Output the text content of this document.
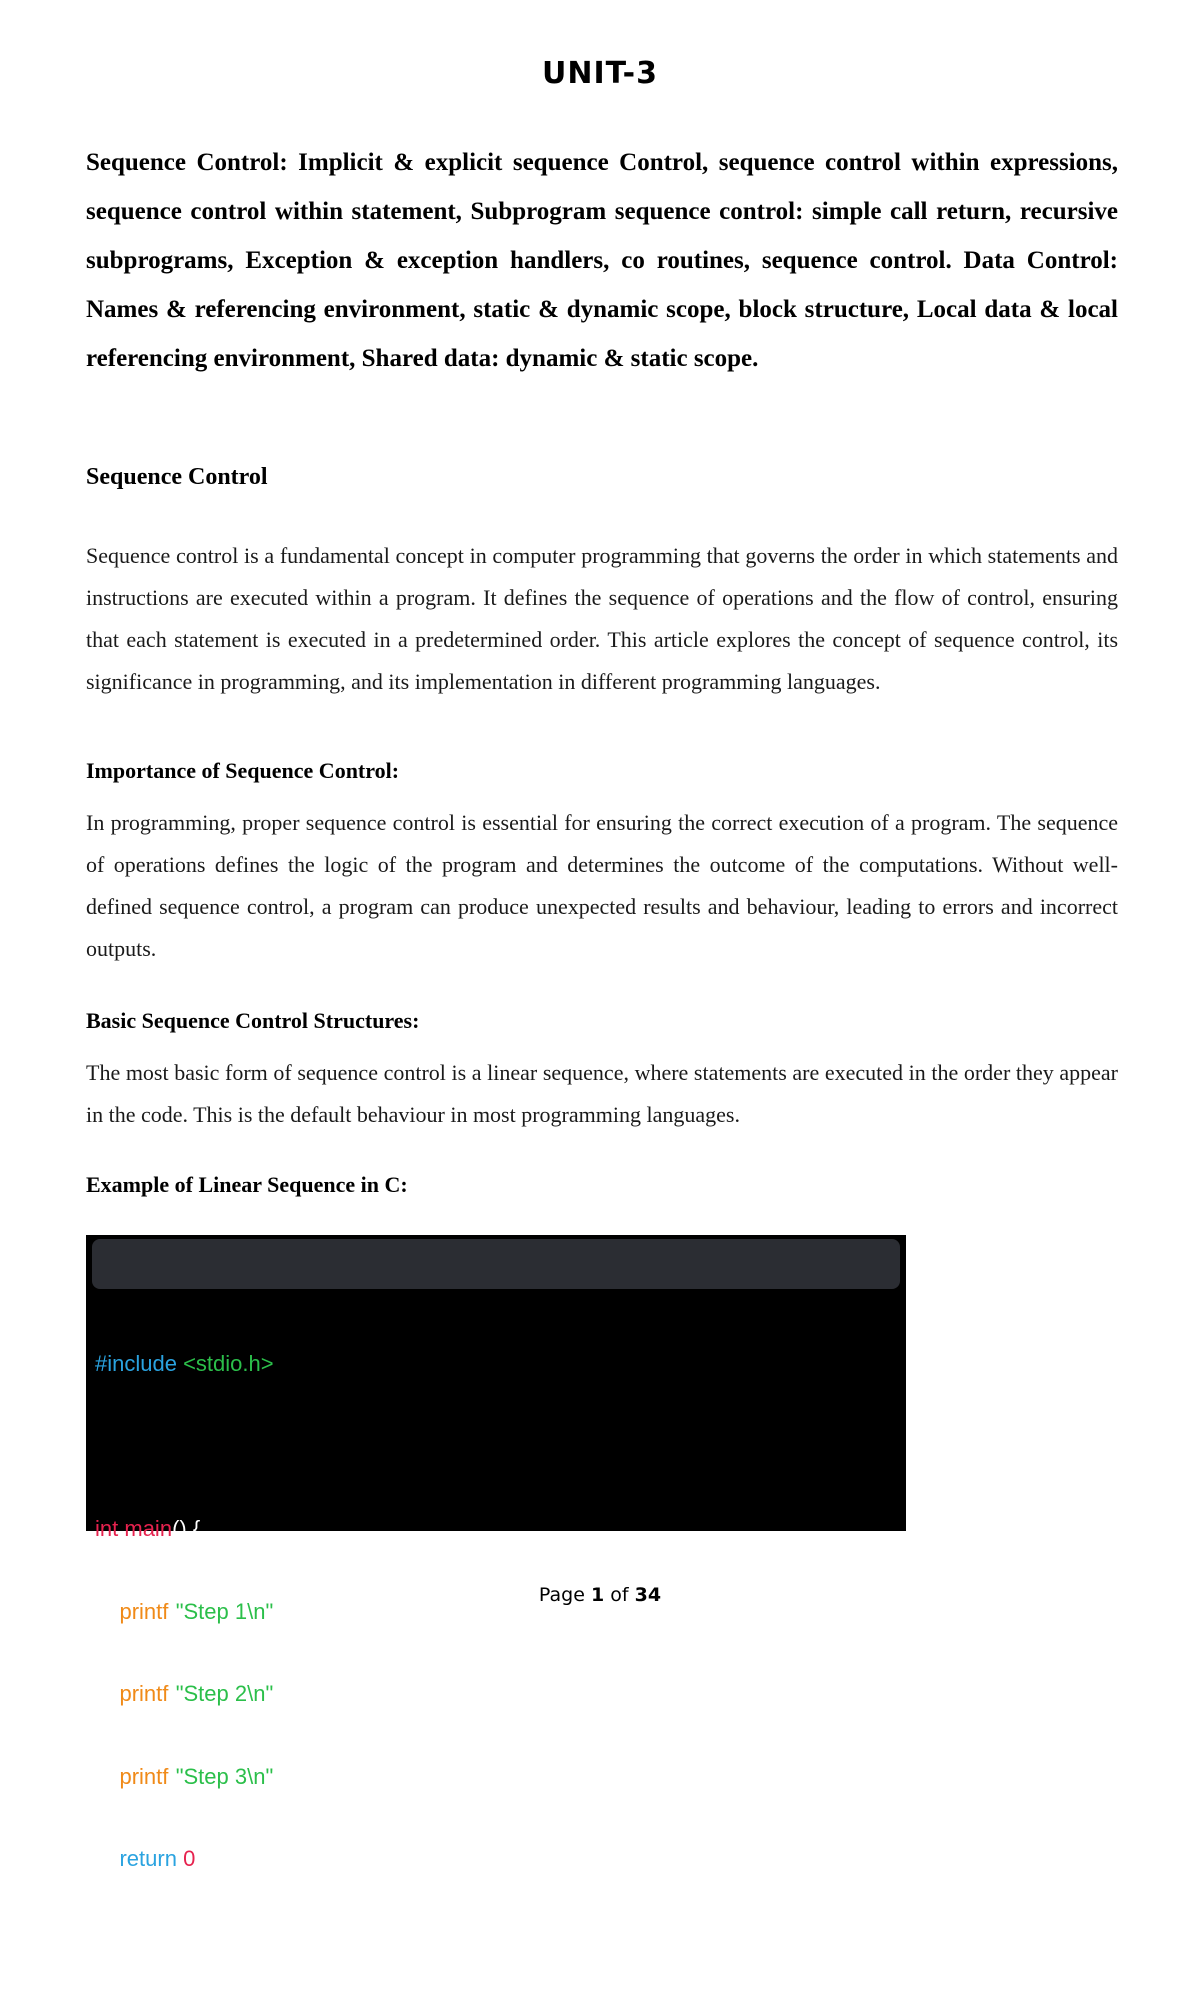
UNIT-3

Sequence Control: Implicit & explicit sequence Control, sequence control within expressions, sequence control within statement, Subprogram sequence control: simple call return, recursive subprograms, Exception & exception handlers, co routines, sequence control. Data Control: Names & referencing environment, static & dynamic scope, block structure, Local data & local referencing environment, Shared data: dynamic & static scope.

Sequence Control

Sequence control is a fundamental concept in computer programming that governs the order in which statements and instructions are executed within a program. It defines the sequence of operations and the flow of control, ensuring that each statement is executed in a predetermined order. This article explores the concept of sequence control, its significance in programming, and its implementation in different programming languages.

Importance of Sequence Control:

In programming, proper sequence control is essential for ensuring the correct execution of a program. The sequence of operations defines the logic of the program and determines the outcome of the computations. Without well-defined sequence control, a program can produce unexpected results and behaviour, leading to errors and incorrect outputs.

Basic Sequence Control Structures:

The most basic form of sequence control is a linear sequence, where statements are executed in the order they appear in the code. This is the default behaviour in most programming languages.

Example of Linear Sequence in C:

#include <stdio.h>

int main() {

printf("Step 1\n");

printf("Step 2\n");

printf("Step 3\n");

return 0;

}

Page 1 of 34
